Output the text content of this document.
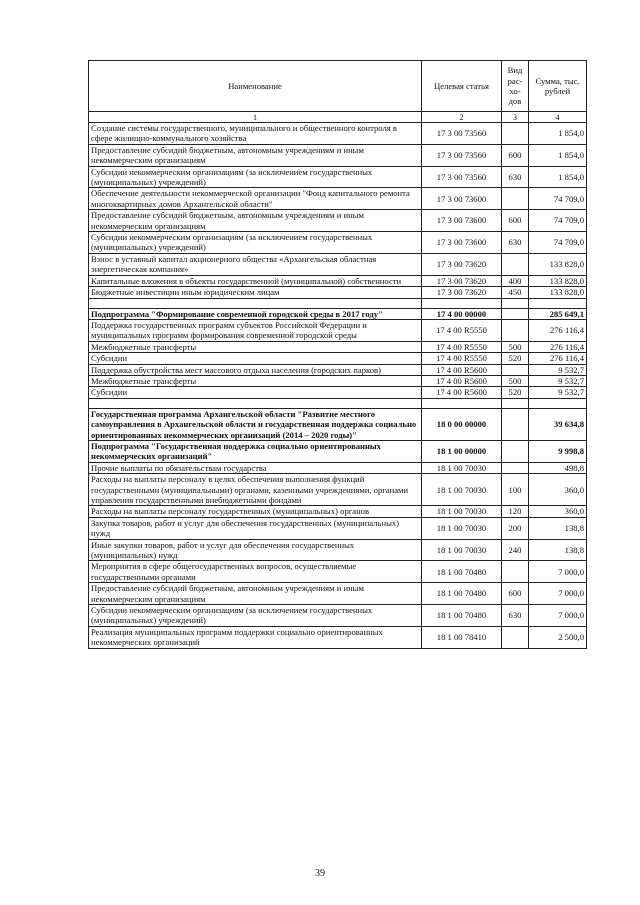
Наименование	Целевая статья	Вид рас-хо-дов	Сумма, тыс. рублей
1	2	3	4
Создание системы государственного, муниципального и общественного контроля в сфере жилищно-коммунального хозяйства	17 3 00 73560		1 854,0
Предоставление субсидий бюджетным, автономным учреждениям и иным некоммерческим организациям	17 3 00 73560	600	1 854,0
Субсидии некоммерческим организациям (за исключением государственных (муниципальных) учреждений)	17 3 00 73560	630	1 854,0
Обеспечение деятельности некоммерческой организации "Фонд капитального ремонта многоквартирных домов Архангельской области"	17 3 00 73600		74 709,0
Предоставление субсидий бюджетным, автономным учреждениям и иным некоммерческим организациям	17 3 00 73600	600	74 709,0
Субсидии некоммерческим организациям (за исключением государственных (муниципальных) учреждений)	17 3 00 73600	630	74 709,0
Взнос в уставный капитал акционерного общества «Архангельская областная энергетическая компания»	17 3 00 73620		133 828,0
Капитальные вложения в объекты государственной (муниципальной) собственности	17 3 00 73620	400	133 828,0
Бюджетные инвестиции иным юридическим лицам	17 3 00 73620	450	133 828,0

Подпрограмма "Формирование современной городской среды в 2017 году"	17 4 00 00000		285 649,1
Поддержка государственных программ субъектов Российской Федерации и муниципальных программ формирования современной городской среды	17 4 00 R5550		276 116,4
Межбюджетные трансферты	17 4 00 R5550	500	276 116,4
Субсидии	17 4 00 R5550	520	276 116,4
Поддержка обустройства мест массового отдыха населения (городских парков)	17 4 00 R5600		9 532,7
Межбюджетные трансферты	17 4 00 R5600	500	9 532,7
Субсидии	17 4 00 R5600	520	9 532,7

Государственная программа Архангельской области "Развитие местного самоуправления в Архангельской области и государственная поддержка социально ориентированных некоммерческих организаций (2014 – 2020 годы)"	18 0 00 00000		39 634,8
Подпрограмма "Государственная поддержка социально ориентированных некоммерческих организаций"	18 1 00 00000		9 998,8
Прочие выплаты по обязательствам государства	18 1 00 70030		498,8
Расходы на выплаты персоналу в целях обеспечения выполнения функций государственными (муниципальными) органами, казенными учреждениями, органами управления государственными внебюджетными фондами	18 1 00 70030	100	360,0
Расходы на выплаты персоналу государственных (муниципальных) органов	18 1 00 70030	120	360,0
Закупка товаров, работ и услуг для обеспечения государственных (муниципальных) нужд	18 1 00 70030	200	138,8
Иные закупки товаров, работ и услуг для обеспечения государственных (муниципальных) нужд	18 1 00 70030	240	138,8
Мероприятия в сфере общегосударственных вопросов, осуществляемые государственными органами	18 1 00 70480		7 000,0
Предоставление субсидий бюджетным, автономным учреждениям и иным некоммерческим организациям	18 1 00 70480	600	7 000,0
Субсидии некоммерческим организациям (за исключением государственных (муниципальных) учреждений)	18 1 00 70480	630	7 000,0
Реализация муниципальных программ поддержки социально ориентированных некоммерческих организаций	18 1 00 78410		2 500,0
39
